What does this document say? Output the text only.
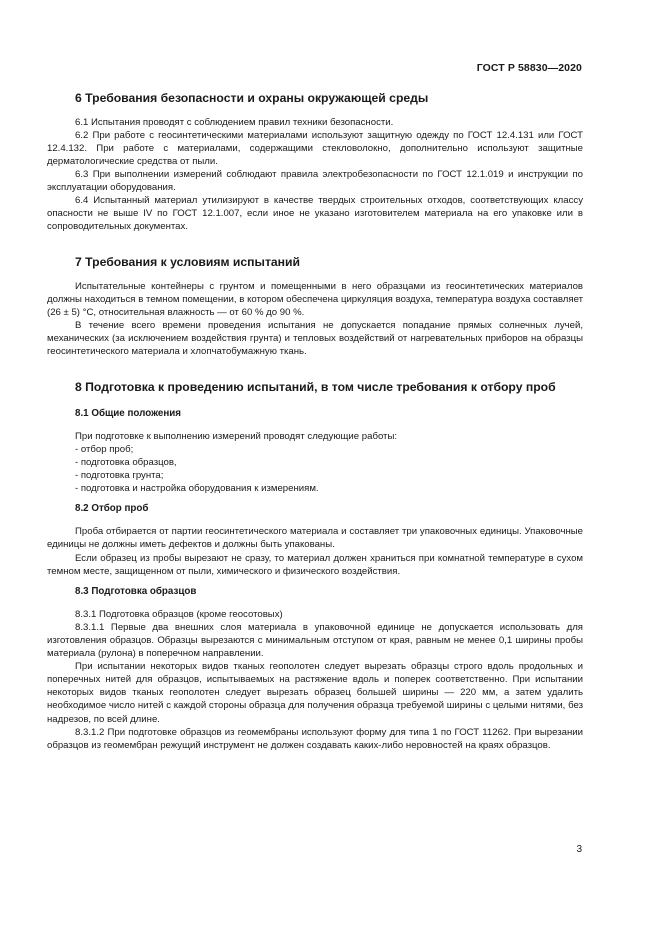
ГОСТ Р 58830—2020
6 Требования безопасности и охраны окружающей среды

6.1 Испытания проводят с соблюдением правил техники безопасности.

6.2 При работе с геосинтетическими материалами используют защитную одежду по ГОСТ 12.4.131 или ГОСТ 12.4.132. При работе с материалами, содержащими стекловолокно, дополнительно используют защитные дерматологические средства от пыли.

6.3 При выполнении измерений соблюдают правила электробезопасности по ГОСТ 12.1.019 и инструкции по эксплуатации оборудования.

6.4 Испытанный материал утилизируют в качестве твердых строительных отходов, соответствующих классу опасности не выше IV по ГОСТ 12.1.007, если иное не указано изготовителем материала на его упаковке или в сопроводительных документах.

7 Требования к условиям испытаний

Испытательные контейнеры с грунтом и помещенными в него образцами из геосинтетических материалов должны находиться в темном помещении, в котором обеспечена циркуляция воздуха, температура воздуха составляет (26 ± 5) °С, относительная влажность — от 60 % до 90 %.

В течение всего времени проведения испытания не допускается попадание прямых солнечных лучей, механических (за исключением воздействия грунта) и тепловых воздействий от нагревательных приборов на образцы геосинтетического материала и хлопчатобумажную ткань.

8 Подготовка к проведению испытаний, в том числе требования к отбору проб
8.1 Общие положения

При подготовке к выполнению измерений проводят следующие работы:

- отбор проб;
- подготовка образцов,
- подготовка грунта;
- подготовка и настройка оборудования к измерениям.
8.2 Отбор проб

Проба отбирается от партии геосинтетического материала и составляет три упаковочных единицы. Упаковочные единицы не должны иметь дефектов и должны быть упакованы.

Если образец из пробы вырезают не сразу, то материал должен храниться при комнатной температуре в сухом темном месте, защищенном от пыли, химического и физического воздействия.

8.3 Подготовка образцов

8.3.1 Подготовка образцов (кроме геосотовых)

8.3.1.1 Первые два внешних слоя материала в упаковочной единице не допускается использовать для изготовления образцов. Образцы вырезаются с минимальным отступом от края, равным не менее 0,1 ширины пробы материала (рулона) в поперечном направлении.

При испытании некоторых видов тканых геополотен следует вырезать образцы строго вдоль продольных и поперечных нитей для образцов, испытываемых на растяжение вдоль и поперек соответственно. При испытании некоторых видов тканых геополотен следует вырезать образец большей ширины — 220 мм, а затем удалить необходимое число нитей с каждой стороны образца для получения образца требуемой ширины с целыми нитями, без надрезов, по всей длине.

8.3.1.2 При подготовке образцов из геомембраны используют форму для типа 1 по ГОСТ 11262. При вырезании образцов из геомембран режущий инструмент не должен создавать каких-либо неровностей на краях образцов.

3
